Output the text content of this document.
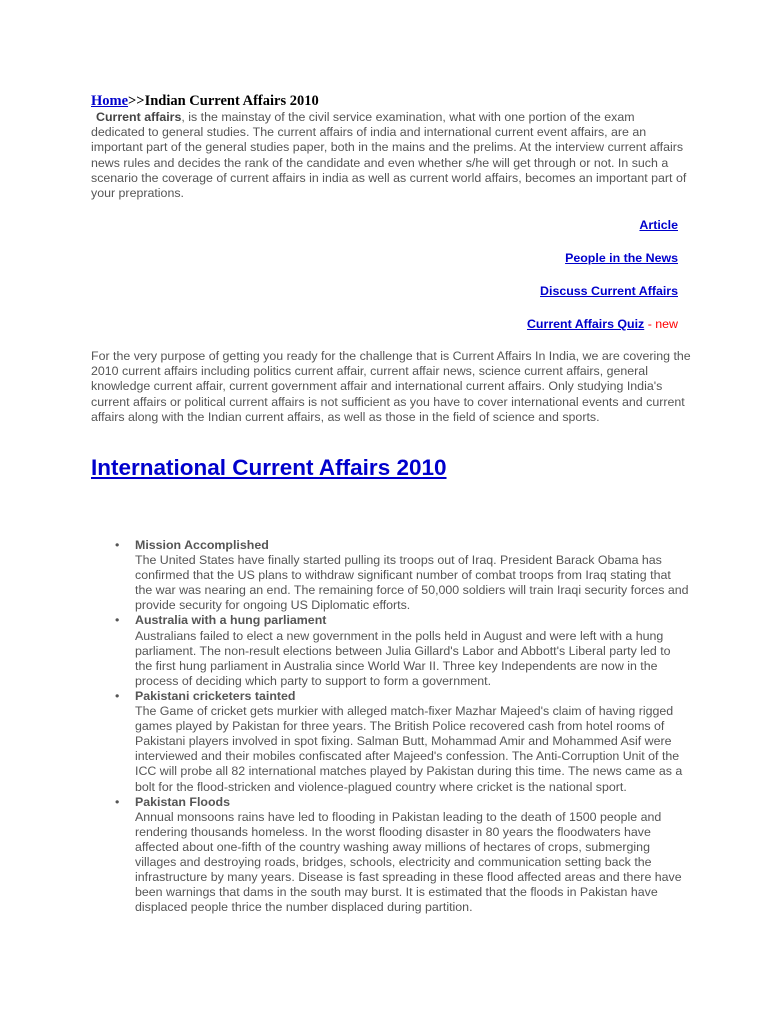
Home>>Indian Current Affairs 2010
Current affairs, is the mainstay of the civil service examination, what with one portion of the exam dedicated to general studies. The current affairs of india and international current event affairs, are an important part of the general studies paper, both in the mains and the prelims. At the interview current affairs news rules and decides the rank of the candidate and even whether s/he will get through or not. In such a scenario the coverage of current affairs in india as well as current world affairs, becomes an important part of your preprations.
Article
People in the News
Discuss Current Affairs
Current Affairs Quiz - new
For the very purpose of getting you ready for the challenge that is Current Affairs In India, we are covering the 2010 current affairs including politics current affair, current affair news, science current affairs, general knowledge current affair, current government affair and international current affairs. Only studying India's current affairs or political current affairs is not sufficient as you have to cover international events and current affairs along with the Indian current affairs, as well as those in the field of science and sports.
International Current Affairs 2010
• Mission Accomplished
The United States have finally started pulling its troops out of Iraq. President Barack Obama has confirmed that the US plans to withdraw significant number of combat troops from Iraq stating that the war was nearing an end. The remaining force of 50,000 soldiers will train Iraqi security forces and provide security for ongoing US Diplomatic efforts.
• Australia with a hung parliament
Australians failed to elect a new government in the polls held in August and were left with a hung parliament. The non-result elections between Julia Gillard's Labor and Abbott's Liberal party led to the first hung parliament in Australia since World War II. Three key Independents are now in the process of deciding which party to support to form a government.
• Pakistani cricketers tainted
The Game of cricket gets murkier with alleged match-fixer Mazhar Majeed's claim of having rigged games played by Pakistan for three years. The British Police recovered cash from hotel rooms of Pakistani players involved in spot fixing. Salman Butt, Mohammad Amir and Mohammed Asif were interviewed and their mobiles confiscated after Majeed's confession. The Anti-Corruption Unit of the ICC will probe all 82 international matches played by Pakistan during this time. The news came as a bolt for the flood-stricken and violence-plagued country where cricket is the national sport.
• Pakistan Floods
Annual monsoons rains have led to flooding in Pakistan leading to the death of 1500 people and rendering thousands homeless. In the worst flooding disaster in 80 years the floodwaters have affected about one-fifth of the country washing away millions of hectares of crops, submerging villages and destroying roads, bridges, schools, electricity and communication setting back the infrastructure by many years. Disease is fast spreading in these flood affected areas and there have been warnings that dams in the south may burst. It is estimated that the floods in Pakistan have displaced people thrice the number displaced during partition.
